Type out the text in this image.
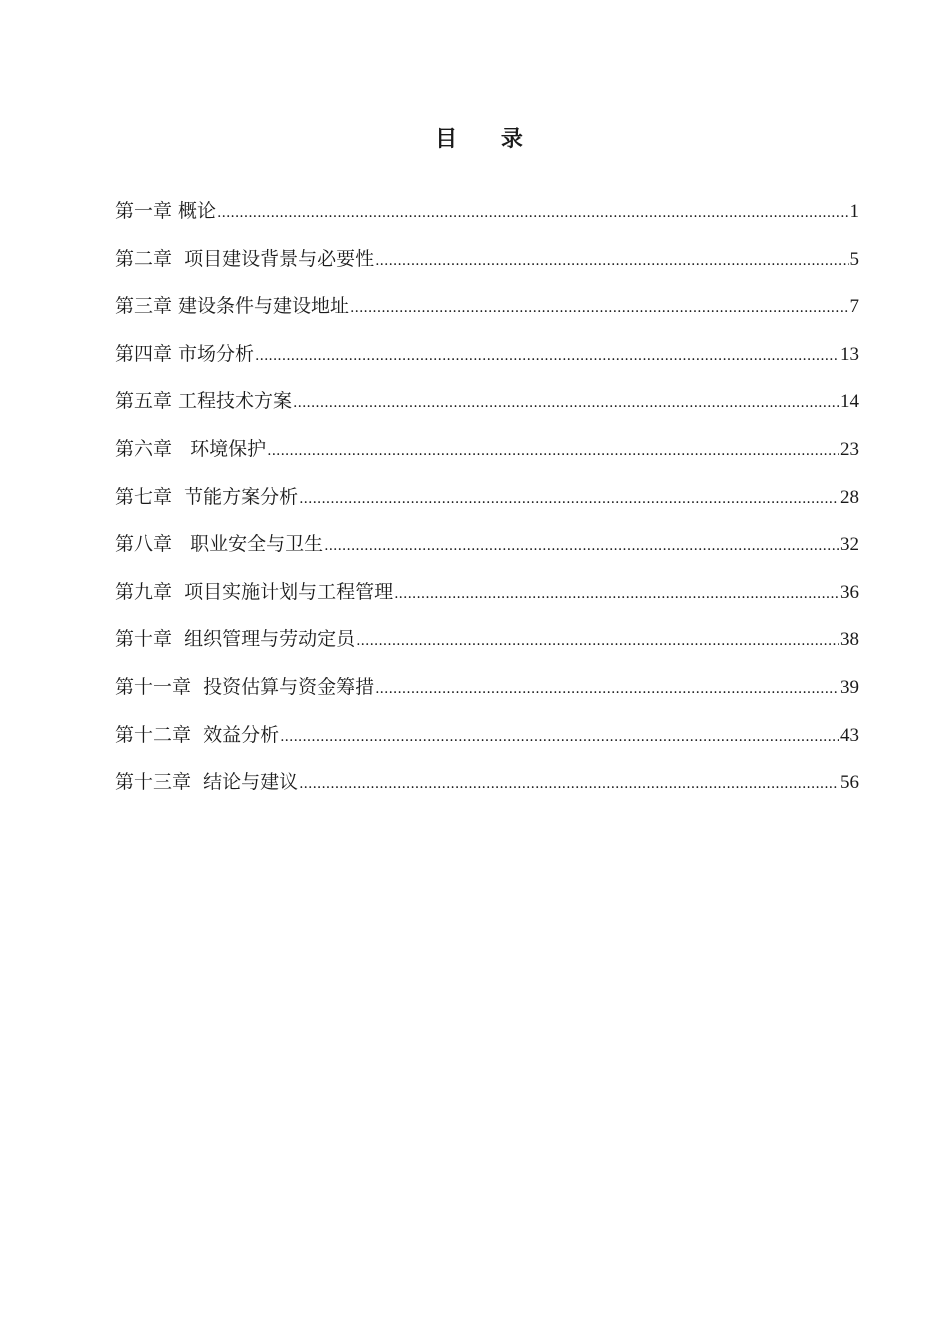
目 录
第一章 概论 .....	1
第二章  项目建设背景与必要性 .....	5
第三章 建设条件与建设地址 .....	7
第四章 市场分析 .....	13
第五章 工程技术方案 .....	14
第六章   环境保护 .....	23
第七章  节能方案分析 .....	28
第八章   职业安全与卫生 .....	32
第九章  项目实施计划与工程管理 .....	36
第十章  组织管理与劳动定员 .....	38
第十一章  投资估算与资金筹措 .....	39
第十二章  效益分析 .....	43
第十三章  结论与建议 .....	56
